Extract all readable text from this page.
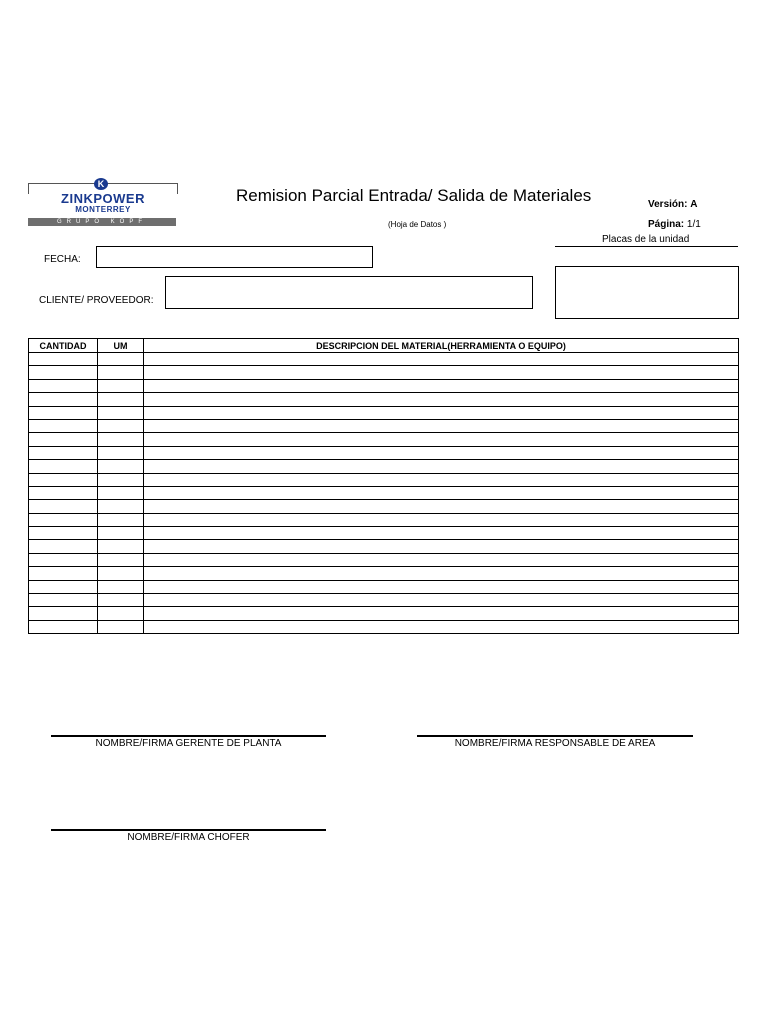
K
ZINKPOWER
MONTERREY
GRUPO KOPF
Remision Parcial Entrada/ Salida de Materiales
(Hoja de Datos )
Versión: A
Página: 1/1
Placas de la unidad
FECHA:
CLIENTE/ PROVEEDOR:
CANTIDAD	UM	DESCRIPCION DEL MATERIAL(HERRAMIENTA O EQUIPO)

NOMBRE/FIRMA GERENTE DE PLANTA	NOMBRE/FIRMA RESPONSABLE DE AREA
NOMBRE/FIRMA CHOFER
